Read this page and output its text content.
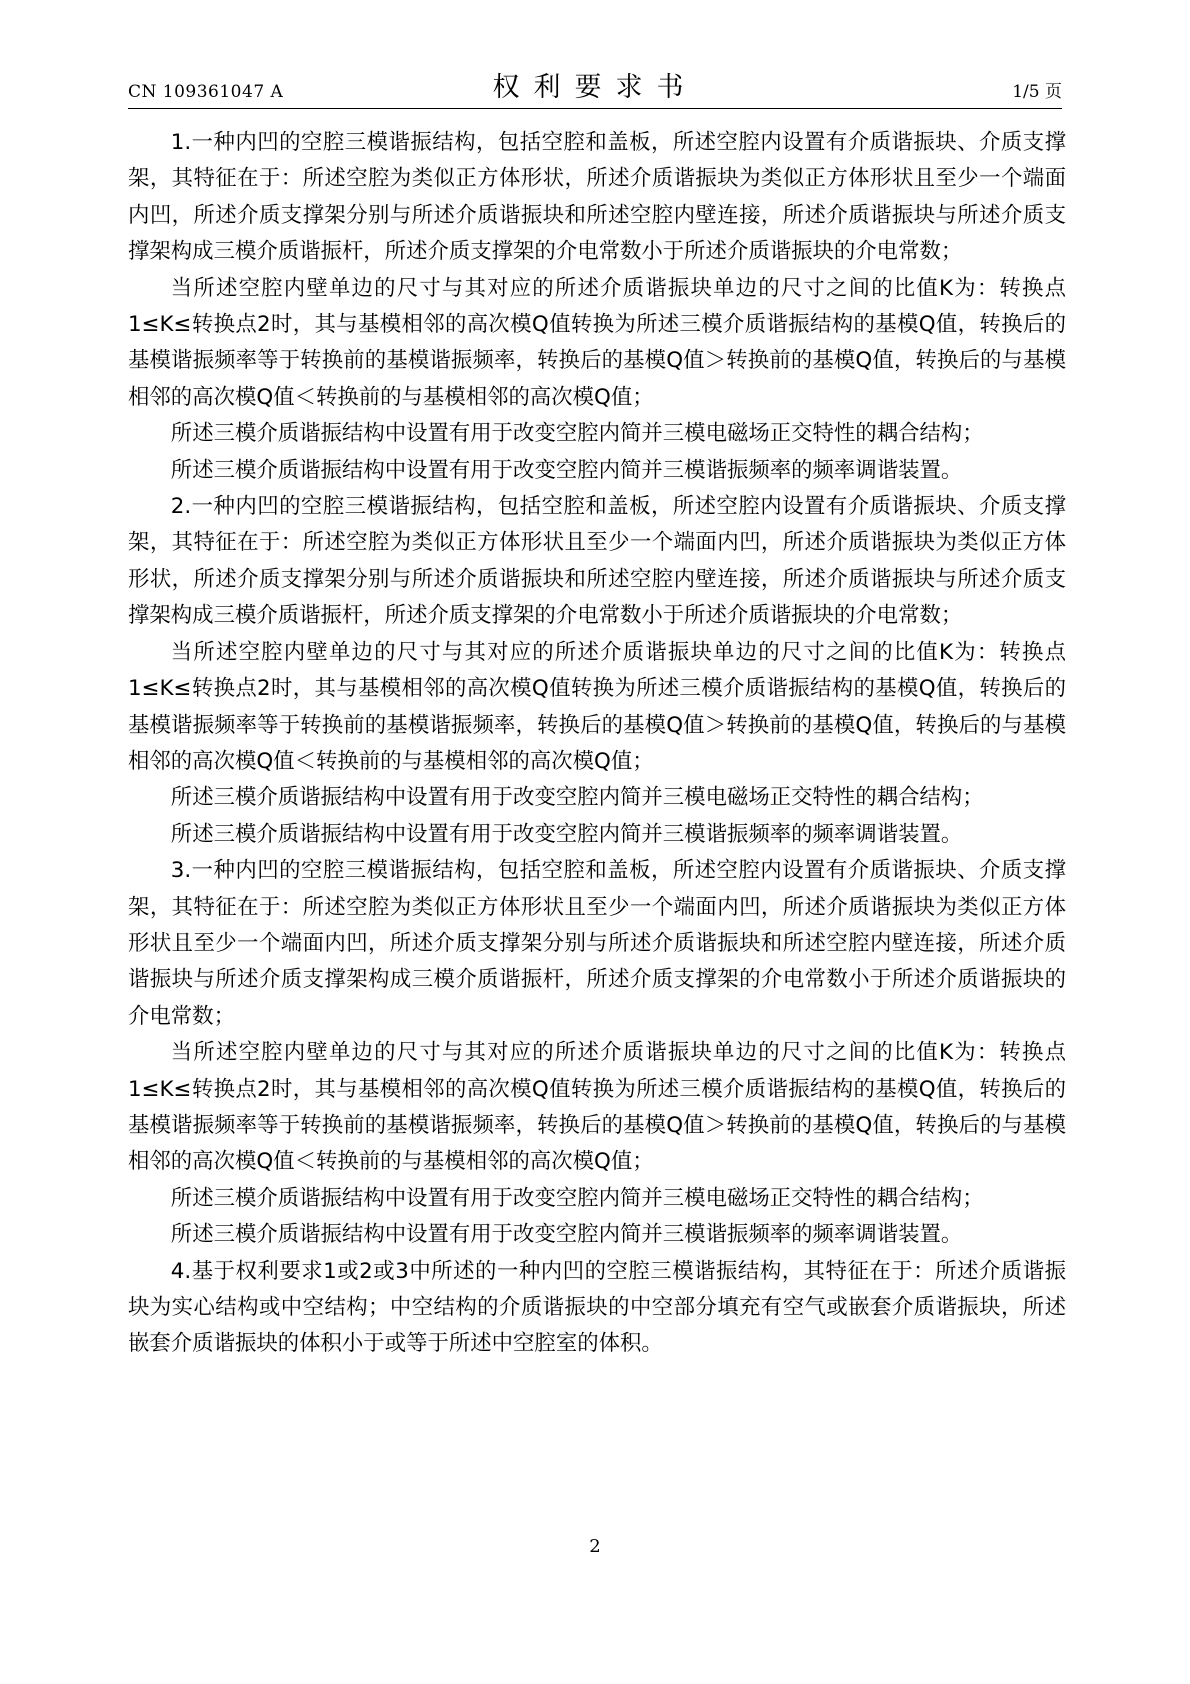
CN 109361047 A	权利要求书	1/5 页

1.一种内凹的空腔三模谐振结构，包括空腔和盖板，所述空腔内设置有介质谐振块、介质支撑架，其特征在于：所述空腔为类似正方体形状，所述介质谐振块为类似正方体形状且至少一个端面内凹，所述介质支撑架分别与所述介质谐振块和所述空腔内壁连接，所述介质谐振块与所述介质支撑架构成三模介质谐振杆，所述介质支撑架的介电常数小于所述介质谐振块的介电常数；

当所述空腔内壁单边的尺寸与其对应的所述介质谐振块单边的尺寸之间的比值K为：转换点1≤K≤转换点2时，其与基模相邻的高次模Q值转换为所述三模介质谐振结构的基模Q值，转换后的基模谐振频率等于转换前的基模谐振频率，转换后的基模Q值＞转换前的基模Q值，转换后的与基模相邻的高次模Q值＜转换前的与基模相邻的高次模Q值；

所述三模介质谐振结构中设置有用于改变空腔内简并三模电磁场正交特性的耦合结构；

所述三模介质谐振结构中设置有用于改变空腔内简并三模谐振频率的频率调谐装置。

2.一种内凹的空腔三模谐振结构，包括空腔和盖板，所述空腔内设置有介质谐振块、介质支撑架，其特征在于：所述空腔为类似正方体形状且至少一个端面内凹，所述介质谐振块为类似正方体形状，所述介质支撑架分别与所述介质谐振块和所述空腔内壁连接，所述介质谐振块与所述介质支撑架构成三模介质谐振杆，所述介质支撑架的介电常数小于所述介质谐振块的介电常数；

当所述空腔内壁单边的尺寸与其对应的所述介质谐振块单边的尺寸之间的比值K为：转换点1≤K≤转换点2时，其与基模相邻的高次模Q值转换为所述三模介质谐振结构的基模Q值，转换后的基模谐振频率等于转换前的基模谐振频率，转换后的基模Q值＞转换前的基模Q值，转换后的与基模相邻的高次模Q值＜转换前的与基模相邻的高次模Q值；

所述三模介质谐振结构中设置有用于改变空腔内简并三模电磁场正交特性的耦合结构；

所述三模介质谐振结构中设置有用于改变空腔内简并三模谐振频率的频率调谐装置。

3.一种内凹的空腔三模谐振结构，包括空腔和盖板，所述空腔内设置有介质谐振块、介质支撑架，其特征在于：所述空腔为类似正方体形状且至少一个端面内凹，所述介质谐振块为类似正方体形状且至少一个端面内凹，所述介质支撑架分别与所述介质谐振块和所述空腔内壁连接，所述介质谐振块与所述介质支撑架构成三模介质谐振杆，所述介质支撑架的介电常数小于所述介质谐振块的介电常数；

当所述空腔内壁单边的尺寸与其对应的所述介质谐振块单边的尺寸之间的比值K为：转换点1≤K≤转换点2时，其与基模相邻的高次模Q值转换为所述三模介质谐振结构的基模Q值，转换后的基模谐振频率等于转换前的基模谐振频率，转换后的基模Q值＞转换前的基模Q值，转换后的与基模相邻的高次模Q值＜转换前的与基模相邻的高次模Q值；

所述三模介质谐振结构中设置有用于改变空腔内简并三模电磁场正交特性的耦合结构；

所述三模介质谐振结构中设置有用于改变空腔内简并三模谐振频率的频率调谐装置。

4.基于权利要求1或2或3中所述的一种内凹的空腔三模谐振结构，其特征在于：所述介质谐振块为实心结构或中空结构；中空结构的介质谐振块的中空部分填充有空气或嵌套介质谐振块，所述嵌套介质谐振块的体积小于或等于所述中空腔室的体积。

2
